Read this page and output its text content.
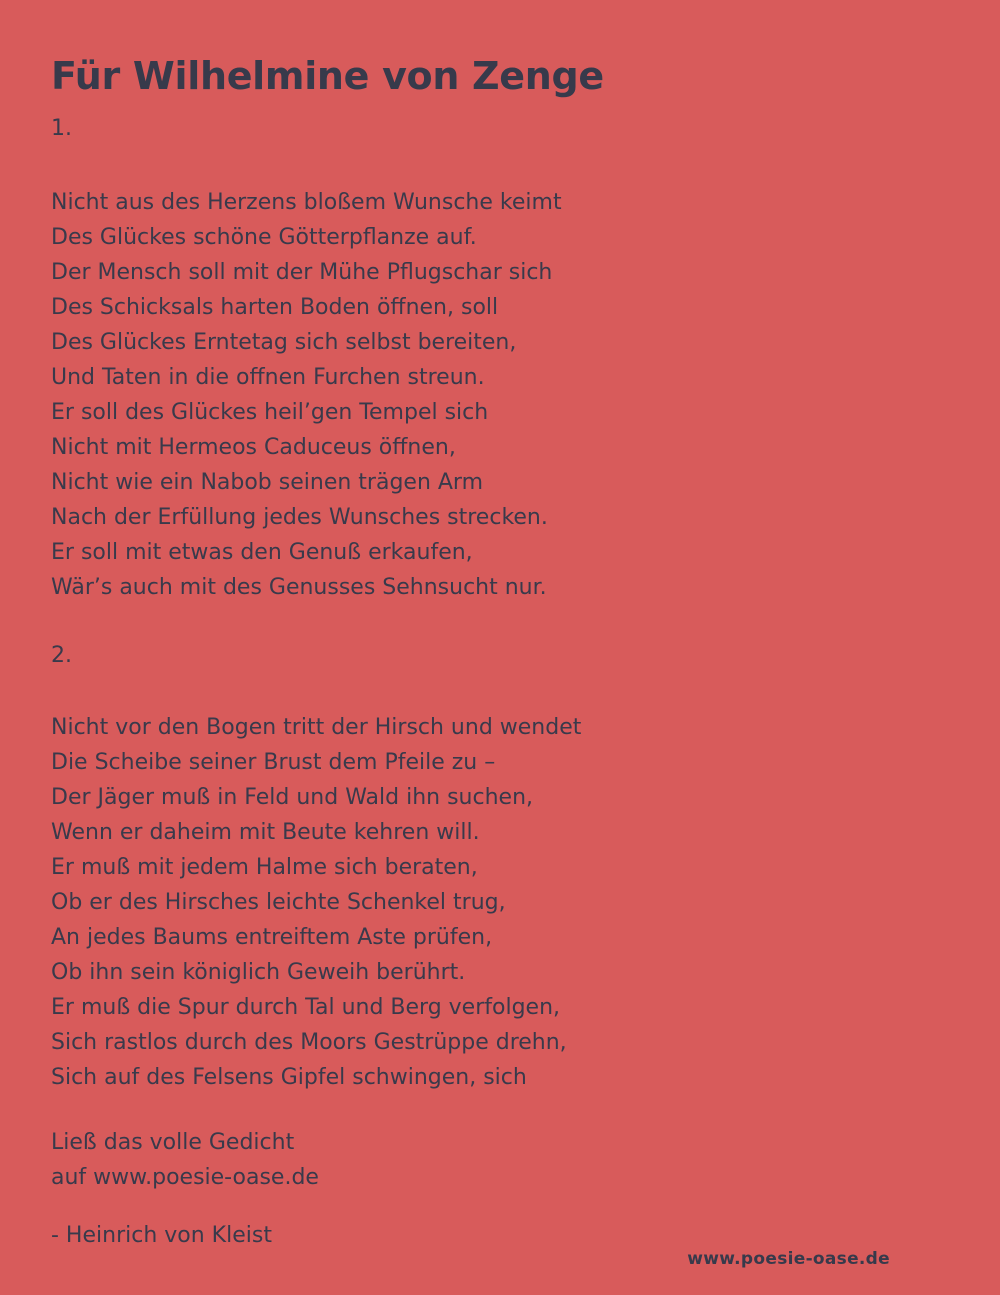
Für Wilhelmine von Zenge
1.
Nicht aus des Herzens bloßem Wunsche keimt
Des Glückes schöne Götterpflanze auf.
Der Mensch soll mit der Mühe Pflugschar sich
Des Schicksals harten Boden öffnen, soll
Des Glückes Erntetag sich selbst bereiten,
Und Taten in die offnen Furchen streun.
Er soll des Glückes heil’gen Tempel sich
Nicht mit Hermeos Caduceus öffnen,
Nicht wie ein Nabob seinen trägen Arm
Nach der Erfüllung jedes Wunsches strecken.
Er soll mit etwas den Genuß erkaufen,
Wär’s auch mit des Genusses Sehnsucht nur.
2.
Nicht vor den Bogen tritt der Hirsch und wendet
Die Scheibe seiner Brust dem Pfeile zu –
Der Jäger muß in Feld und Wald ihn suchen,
Wenn er daheim mit Beute kehren will.
Er muß mit jedem Halme sich beraten,
Ob er des Hirsches leichte Schenkel trug,
An jedes Baums entreiftem Aste prüfen,
Ob ihn sein königlich Geweih berührt.
Er muß die Spur durch Tal und Berg verfolgen,
Sich rastlos durch des Moors Gestrüppe drehn,
Sich auf des Felsens Gipfel schwingen, sich
Ließ das volle Gedicht
auf www.poesie-oase.de
- Heinrich von Kleist
www.poesie-oase.de
